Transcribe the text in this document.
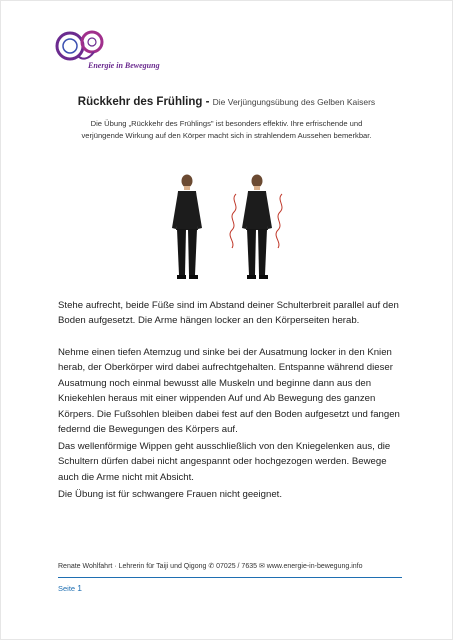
Energie in Bewegung
Rückkehr des Frühling - Die Verjüngungsübung des Gelben Kaisers
Die Übung „Rückkehr des Frühlings" ist besonders effektiv. Ihre erfrischende und
verjüngende Wirkung auf den Körper macht sich in strahlendem Aussehen bemerkbar.

Stehe aufrecht, beide Füße sind im Abstand deiner Schulterbreit parallel auf den Boden aufgesetzt. Die Arme hängen locker an den Körperseiten herab.

Nehme einen tiefen Atemzug und sinke bei der Ausatmung locker in den Knien herab, der Oberkörper wird dabei aufrechtgehalten. Entspanne während dieser Ausatmung noch einmal bewusst alle Muskeln und beginne dann aus den Kniekehlen heraus mit einer wippenden Auf und Ab Bewegung des ganzen Körpers. Die Fußsohlen bleiben dabei fest auf den Boden aufgesetzt und fangen federnd die Bewegungen des Körpers auf.

Das wellenförmige Wippen geht ausschließlich von den Kniegelenken aus, die Schultern dürfen dabei nicht angespannt oder hochgezogen werden. Bewege auch die Arme nicht mit Absicht.

Die Übung ist für schwangere Frauen nicht geeignet.

Renate Wohlfahrt · Lehrerin für Taiji und Qigong ✆ 07025 / 7635 ✉ www.energie-in-bewegung.info
Seite 1
